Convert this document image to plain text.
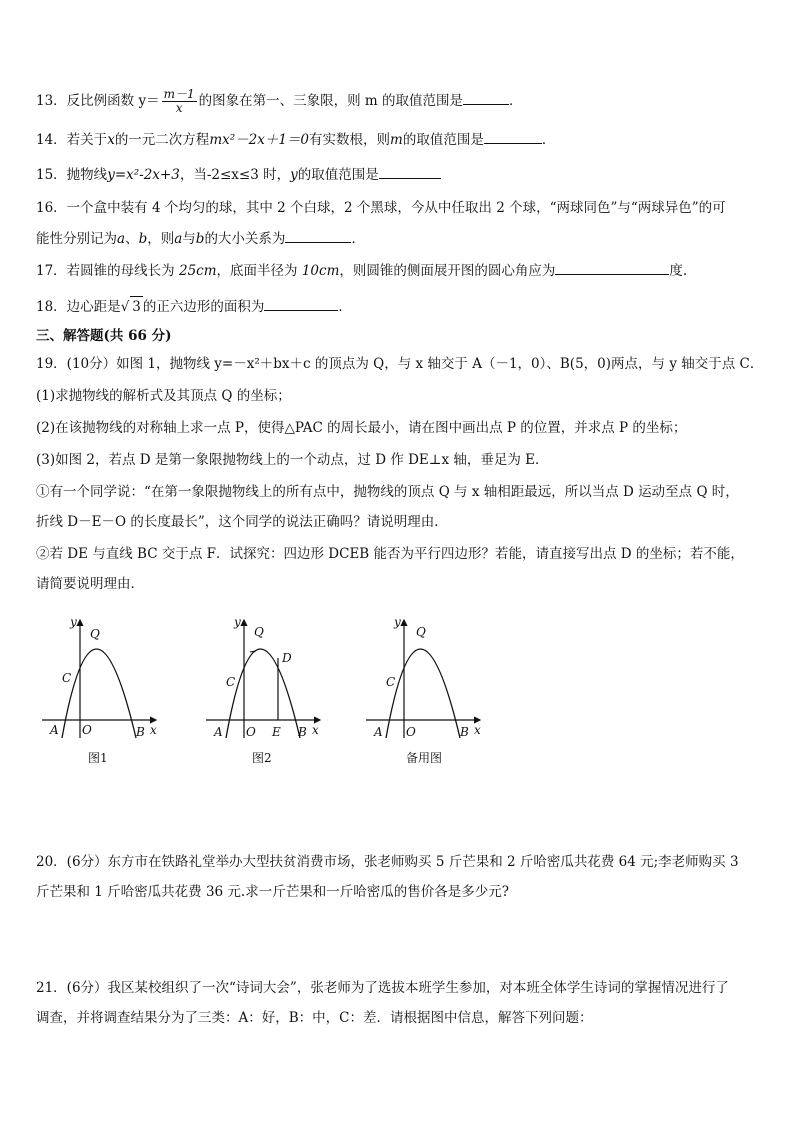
13．反比例函数 $y= \frac{m-1}{x}$ 的图象在第一、三象限，则 m 的取值范围是	．
14．若关于x的一元二次方程mx²－2x＋1＝0有实数根，则m的取值范围是	．
15．抛物线y=x²-2x+3，当-2≤x≤3 时，y的取值范围是
16．一个盒中装有 4 个均匀的球，其中 2 个白球，2 个黑球，今从中任取出 2 个球，“两球同色”与“两球异色”的可
能性分别记为a、b，则a与b的大小关系为	．
17．若圆锥的母线长为 25cm，底面半径为 10cm，则圆锥的侧面展开图的圆心角应为	度.
18．边心距是√ 3 的正六边形的面积为	．
三、解答题(共 66 分)
19．(10分）如图 1，抛物线 y=－x²＋bx＋c 的顶点为 Q，与 x 轴交于 A（－1，0）、B(5，0)两点，与 y 轴交于点 C．
(1)求抛物线的解析式及其顶点 Q 的坐标；
(2)在该抛物线的对称轴上求一点 P，使得△PAC 的周长最小，请在图中画出点 P 的位置，并求点 P 的坐标；
(3)如图 2，若点 D 是第一象限抛物线上的一个动点，过 D 作 DE⊥x 轴，垂足为 E．
①有一个同学说：“在第一象限抛物线上的所有点中，抛物线的顶点 Q 与 x 轴相距最远，所以当点 D 运动至点 Q 时，
折线 D－E－O 的长度最长”，这个同学的说法正确吗？请说明理由．
②若 DE 与直线 BC 交于点 F．试探究：四边形 DCEB 能否为平行四边形？若能，请直接写出点 D 的坐标；若不能，
请简要说明理由．
y
Q
C
A O	B x
图1
y
Q
C
D
A O E B x
图2
y
Q
C
A O	B x
备用图
20．(6分）东方市在铁路礼堂举办大型扶贫消费市场，张老师购买 5 斤芒果和 2 斤哈密瓜共花费 64 元;李老师购买 3
斤芒果和 1 斤哈密瓜共花费 36 元.求一斤芒果和一斤哈密瓜的售价各是多少元?
21．(6分）我区某校组织了一次“诗词大会”，张老师为了选拔本班学生参加，对本班全体学生诗词的掌握情况进行了
调查，并将调查结果分为了三类：A：好，B：中，C：差．请根据图中信息，解答下列问题：
